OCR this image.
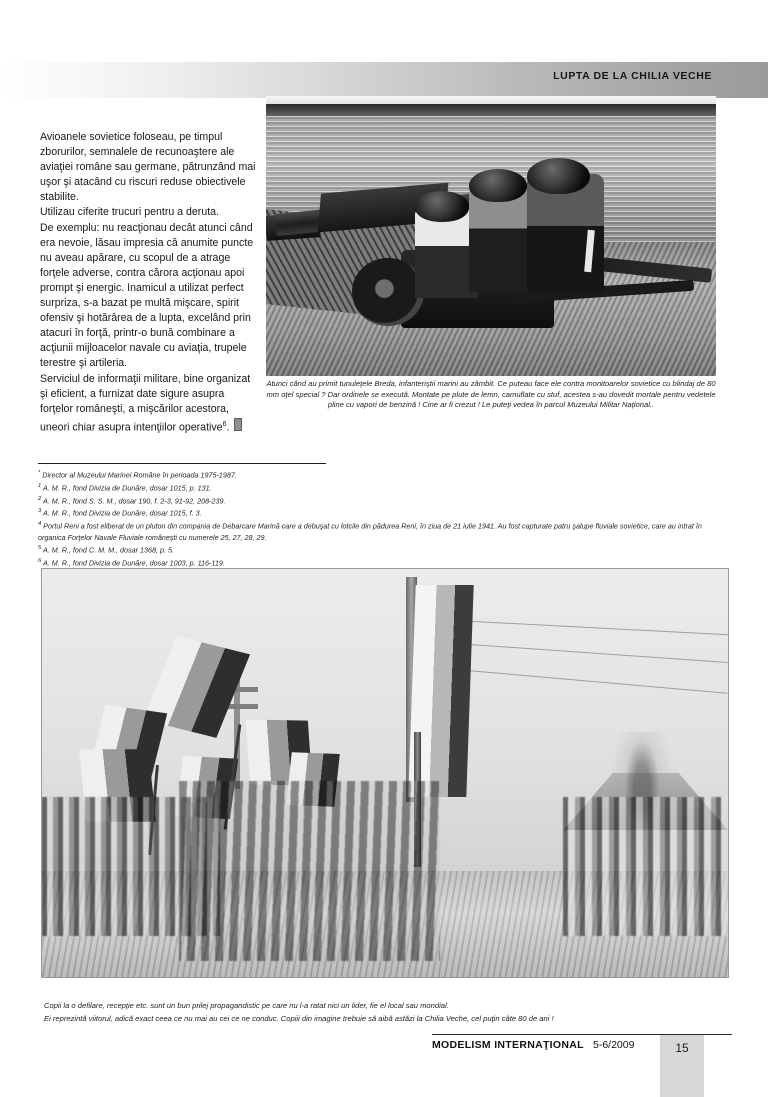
LUPTA DE LA CHILIA VECHE

Avioanele sovietice foloseau, pe timpul zborurilor, semnalele de recunoaştere ale aviaţiei române sau germane, pătrunzând mai uşor şi atacând cu riscuri reduse obiectivele stabilite.

Utilizau ciferite trucuri pentru a deruta.

De exemplu: nu reacţionau decât atunci când era nevoie, lăsau impresia că anumite puncte nu aveau apărare, cu scopul de a atrage forţele adverse, contra cărora acţionau apoi prompt şi energic. Inamicul a utilizat perfect surpriza, s-a bazat pe multă mişcare, spirit ofensiv şi hotărârea de a lupta, excelând prin atacuri în forţă, printr-o bună combinare a acţiunii mijloacelor navale cu aviaţia, trupele terestre şi artileria.

Serviciul de informaţii militare, bine organizat şi eficient, a furnizat date sigure asupra forţelor româneşti, a mişcărilor acestora, uneori chiar asupra intenţiilor operative$^6$.

Atunci când au primit tunuleţele Breda, infanteriştii marini au zâmbit. Ce puteau face ele contra monitoarelor sovietice cu blindaj de 80 mm oţel special ? Dar ordinele se execută. Montate pe plute de lemn, camuflate cu stuf, acestea s-au dovedit mortale pentru vedetele pline cu vapori de benzină ! Cine ar fi crezut ! Le puteţi vedea în parcul Muzeului Militar Naţional..

* Director al Muzeului Marinei Române în perioada 1975-1987.

$^1$ A. M. R., fond Divizia de Dunăre, dosar 1015, p. 131.

$^2$ A. M. R., fond S. S. M., dosar 190, f. 2-3, 91-92, 208-239.

$^3$ A. M. R., fond Divizia de Dunăre, dosar 1015, f. 3.

$^4$ Portul Reni a fost eliberat de un pluton din compania de Debarcare Marină care a debuşat cu lotcile din pădurea Reni, în ziua de 21 iulie 1941. Au fost capturate patru şalupe fluviale sovietice, care au intrat în organica Forţelor Navale Fluviale româneşti cu numerele 25, 27, 28, 29.

$^5$ A. M. R., fond C. M. M., dosar 1368, p. 5.

$^6$ A. M. R., fond Divizia de Dunăre, dosar 1003, p. 116-119.

Copii la o defilare, recepţie etc. sunt un bun prilej propagandistic pe care nu l-a ratat nici un lider, fie el local sau mondial.
Ei reprezintă viitorul, adică exact ceea ce nu mai au cei ce ne conduc. Copiii din imagine trebuie să aibă astăzi la Chilia Veche, cel puţin câte 80 de ani !
MODELISM INTERNAŢIONAL 5-6/2009	15
